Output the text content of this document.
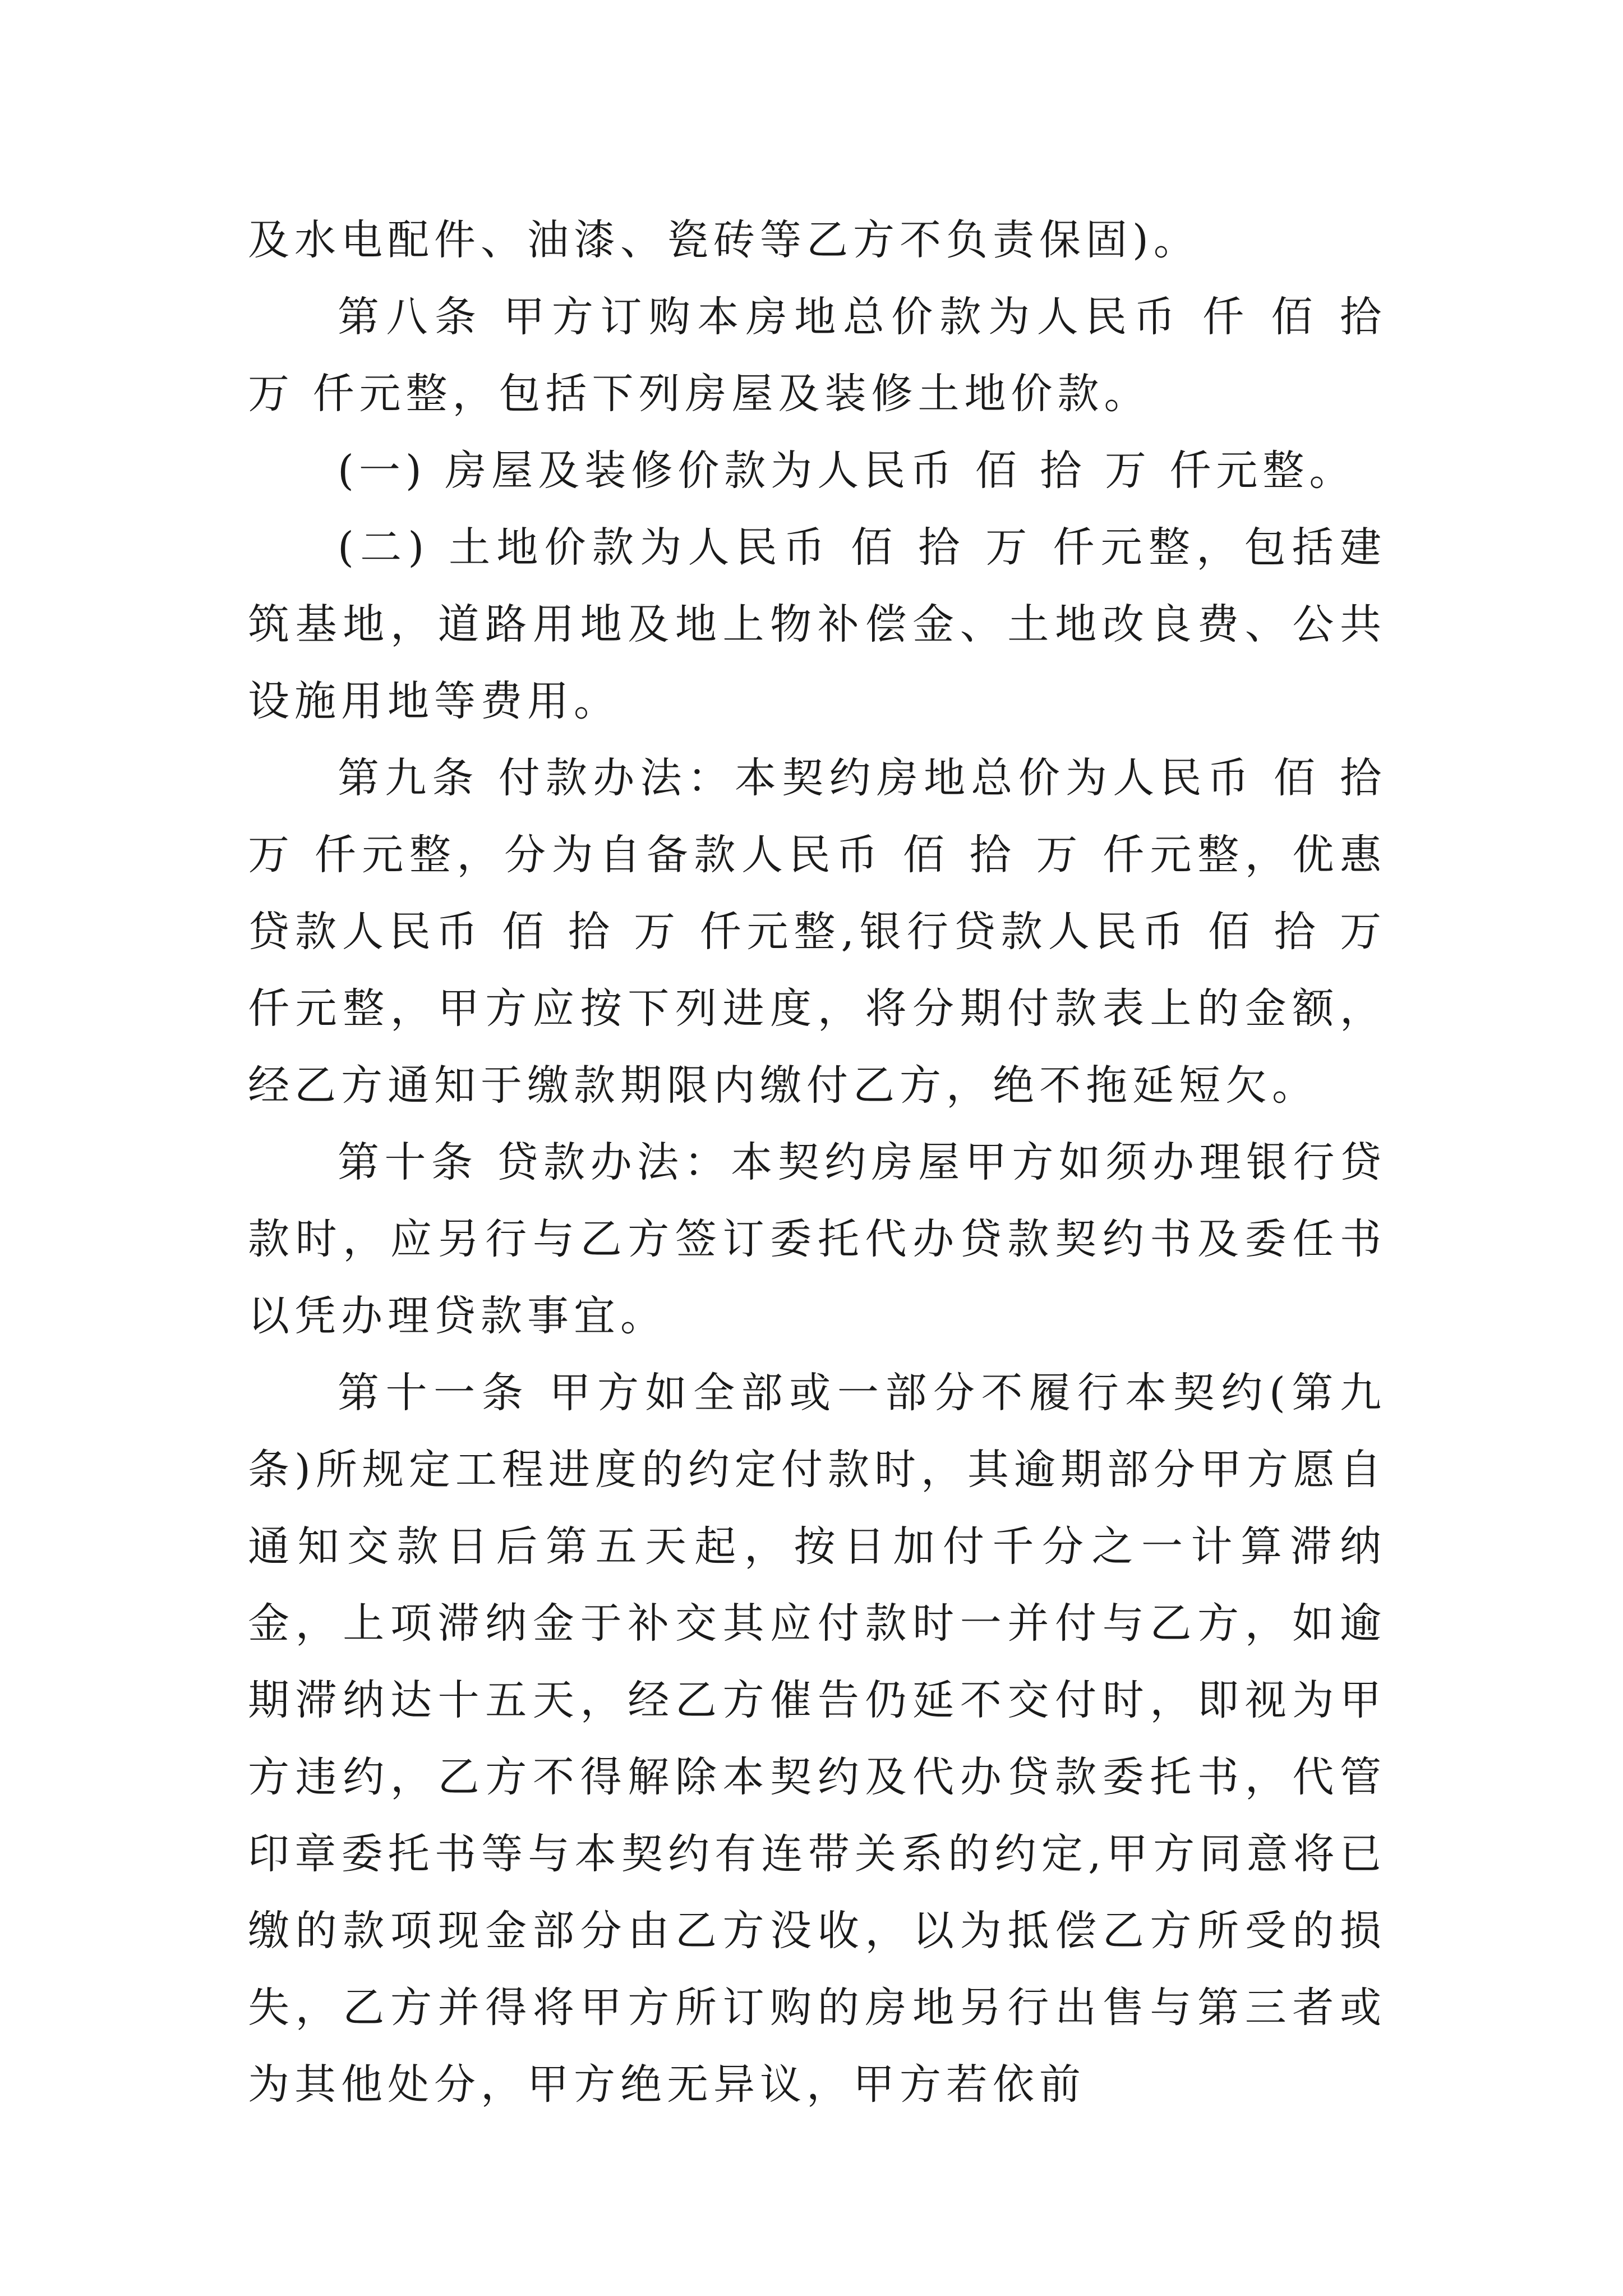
及水电配件、油漆、瓷砖等乙方不负责保固)。

第八条 甲方订购本房地总价款为人民币 仟 佰 拾 万 仟元整，包括下列房屋及装修土地价款。

(一) 房屋及装修价款为人民币 佰 拾 万 仟元整。

(二) 土地价款为人民币 佰 拾 万 仟元整，包括建筑基地，道路用地及地上物补偿金、土地改良费、公共设施用地等费用。

第九条 付款办法：本契约房地总价为人民币 佰 拾 万 仟元整，分为自备款人民币 佰 拾 万 仟元整，优惠贷款人民币 佰 拾 万 仟元整,银行贷款人民币 佰 拾 万 仟元整，甲方应按下列进度，将分期付款表上的金额，经乙方通知于缴款期限内缴付乙方，绝不拖延短欠。

第十条 贷款办法：本契约房屋甲方如须办理银行贷款时，应另行与乙方签订委托代办贷款契约书及委任书以凭办理贷款事宜。

第十一条 甲方如全部或一部分不履行本契约(第九条)所规定工程进度的约定付款时，其逾期部分甲方愿自通知交款日后第五天起，按日加付千分之一计算滞纳金，上项滞纳金于补交其应付款时一并付与乙方，如逾期滞纳达十五天，经乙方催告仍延不交付时，即视为甲方违约，乙方不得解除本契约及代办贷款委托书，代管印章委托书等与本契约有连带关系的约定,甲方同意将已缴的款项现金部分由乙方没收，以为抵偿乙方所受的损失，乙方并得将甲方所订购的房地另行出售与第三者或为其他处分，甲方绝无异议，甲方若依前
